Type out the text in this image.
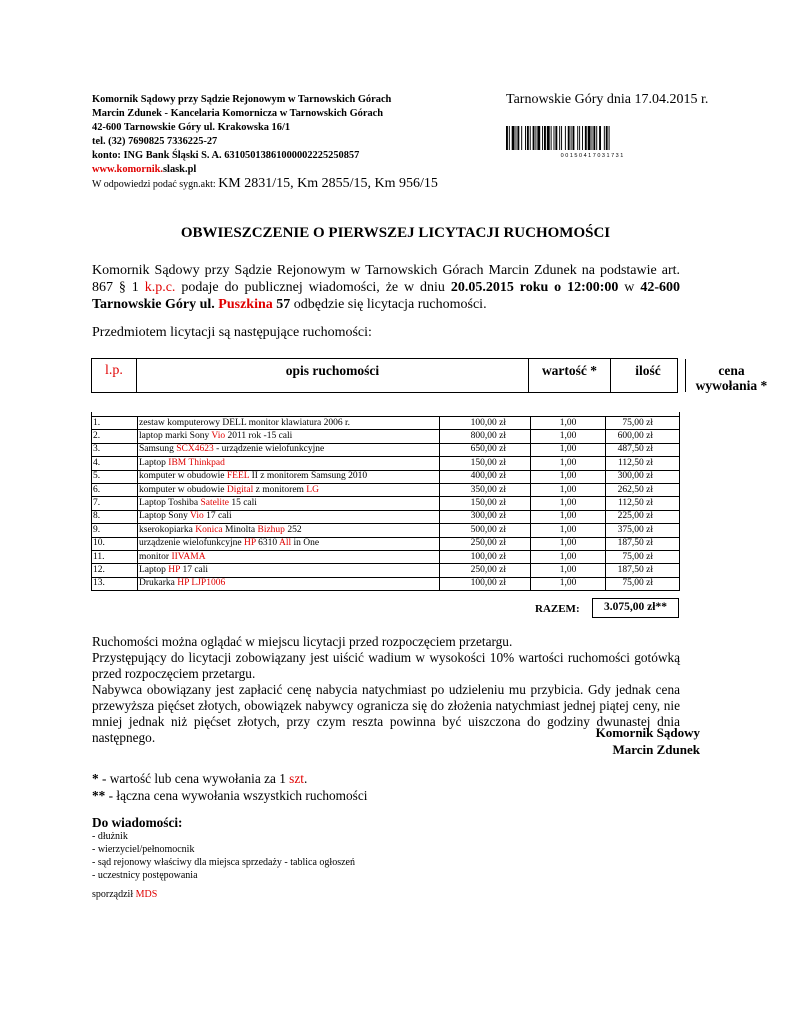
Komornik Sądowy przy Sądzie Rejonowym w Tarnowskich Górach
Marcin Zdunek - Kancelaria Komornicza w Tarnowskich Górach
42-600 Tarnowskie Góry ul. Krakowska 16/1
tel. (32) 7690825 7336225-27
konto: ING Bank Śląski S. A. 63105013861000002225250857
www.komornik.slask.pl
W odpowiedzi podać sygn.akt: KM 2831/15, Km 2855/15, Km 956/15
Tarnowskie Góry dnia 17.04.2015 r.
0 0 1 5 0 4 1 7 0 3 1 7 3 1
OBWIESZCZENIE O PIERWSZEJ LICYTACJI RUCHOMOŚCI
Komornik Sądowy przy Sądzie Rejonowym w Tarnowskich Górach Marcin Zdunek na podstawie art. 867 § 1 k.p.c. podaje do publicznej wiadomości, że w dniu 20.05.2015 roku o 12:00:00 w 42-600 Tarnowskie Góry ul. Puszkina 57 odbędzie się licytacja ruchomości.
Przedmiotem licytacji są następujące ruchomości:
l.p.	opis ruchomości	wartość *	ilość	cena
wywołania *

1.	zestaw komputerowy DELL monitor klawiatura 2006 r.	100,00 zł	1,00	75,00 zł
2.	laptop marki Sony Vio 2011 rok -15 cali	800,00 zł	1,00	600,00 zł
3.	Samsung SCX4623 - urządzenie wielofunkcyjne	650,00 zł	1,00	487,50 zł
4.	Laptop IBM Thinkpad	150,00 zł	1,00	112,50 zł
5.	komputer w obudowie FEEL II z monitorem Samsung 2010	400,00 zł	1,00	300,00 zł
6.	komputer w obudowie Digital z monitorem LG	350,00 zł	1,00	262,50 zł
7.	Laptop Toshiba Satelite 15 cali	150,00 zł	1,00	112,50 zł
8.	Laptop Sony Vio 17 cali	300,00 zł	1,00	225,00 zł
9.	kserokopiarka Konica Minolta Bizhup 252	500,00 zł	1,00	375,00 zł
10.	urządzenie wielofunkcyjne HP 6310 All in One	250,00 zł	1,00	187,50 zł
11.	monitor IIVAMA	100,00 zł	1,00	75,00 zł
12.	Laptop HP 17 cali	250,00 zł	1,00	187,50 zł
13.	Drukarka HP LJP1006	100,00 zł	1,00	75,00 zł
RAZEM:	3.075,00 zł**
Ruchomości można oglądać w miejscu licytacji przed rozpoczęciem przetargu.
Przystępujący do licytacji zobowiązany jest uiścić wadium w wysokości 10% wartości ruchomości gotówką przed rozpoczęciem przetargu.
Nabywca obowiązany jest zapłacić cenę nabycia natychmiast po udzieleniu mu przybicia. Gdy jednak cena przewyższa pięćset złotych, obowiązek nabywcy ogranicza się do złożenia natychmiast jednej piątej ceny, nie mniej jednak niż pięćset złotych, przy czym reszta powinna być uiszczona do godziny dwunastej dnia następnego.	Komornik Sądowy
Marcin Zdunek
* - wartość lub cena wywołania za 1 szt.
** - łączna cena wywołania wszystkich ruchomości
Do wiadomości:
- dłużnik
- wierzyciel/pełnomocnik
- sąd rejonowy właściwy dla miejsca sprzedaży - tablica ogłoszeń
- uczestnicy postępowania
sporządził MDS
